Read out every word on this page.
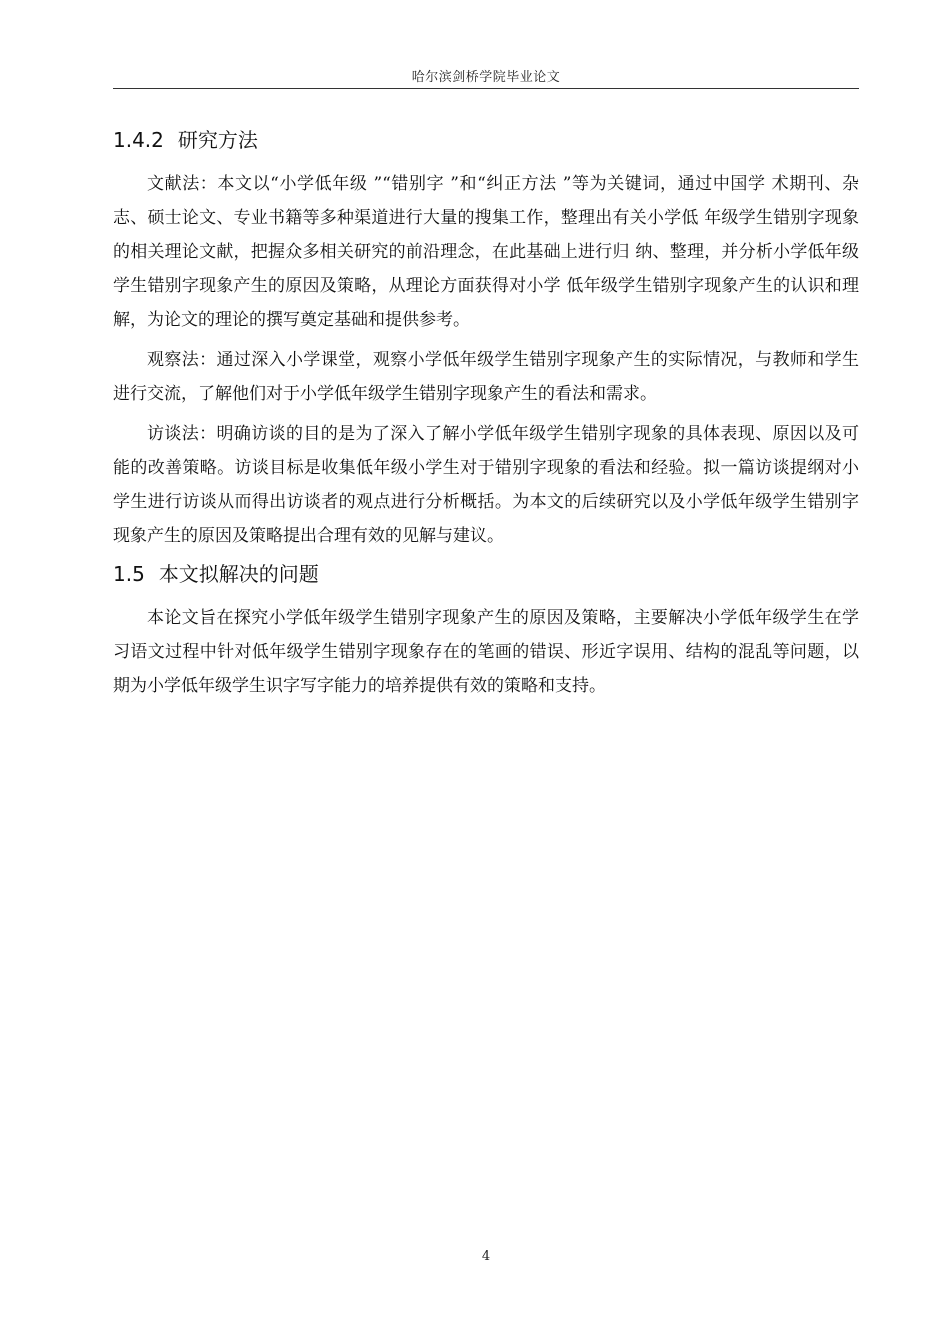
哈尔滨剑桥学院毕业论文
1.4.2 研究方法

文献法：本文以“小学低年级 ”“错别字 ”和“纠正方法 ”等为关键词，通过中国学 术期刊、杂志、硕士论文、专业书籍等多种渠道进行大量的搜集工作，整理出有关小学低 年级学生错别字现象的相关理论文献，把握众多相关研究的前沿理念，在此基础上进行归 纳、整理，并分析小学低年级学生错别字现象产生的原因及策略，从理论方面获得对小学 低年级学生错别字现象产生的认识和理解，为论文的理论的撰写奠定基础和提供参考。

观察法：通过深入小学课堂，观察小学低年级学生错别字现象产生的实际情况，与教师和学生进行交流，了解他们对于小学低年级学生错别字现象产生的看法和需求。

访谈法：明确访谈的目的是为了深入了解小学低年级学生错别字现象的具体表现、原因以及可能的改善策略。访谈目标是收集低年级小学生对于错别字现象的看法和经验。拟一篇访谈提纲对小学生进行访谈从而得出访谈者的观点进行分析概括。为本文的后续研究以及小学低年级学生错别字现象产生的原因及策略提出合理有效的见解与建议。

1.5 本文拟解决的问题

本论文旨在探究小学低年级学生错别字现象产生的原因及策略，主要解决小学低年级学生在学习语文过程中针对低年级学生错别字现象存在的笔画的错误、形近字误用、结构的混乱等问题，以期为小学低年级学生识字写字能力的培养提供有效的策略和支持。

4
